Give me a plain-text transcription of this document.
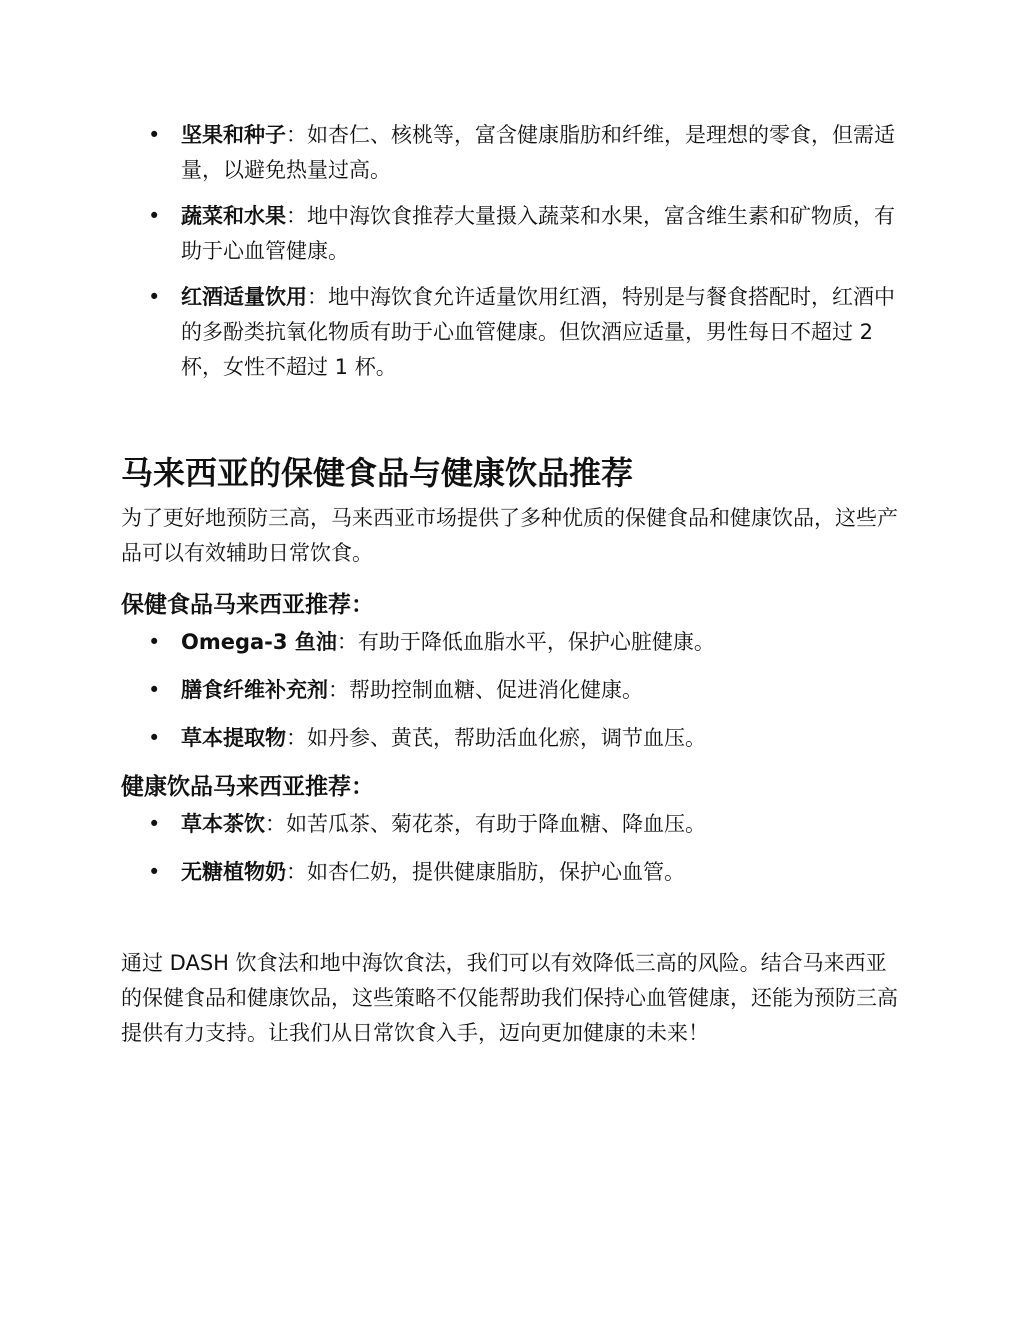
• 坚果和种子：如杏仁、核桃等，富含健康脂肪和纤维，是理想的零食，但需适量，以避免热量过高。
• 蔬菜和水果：地中海饮食推荐大量摄入蔬菜和水果，富含维生素和矿物质，有助于心血管健康。
• 红酒适量饮用：地中海饮食允许适量饮用红酒，特别是与餐食搭配时，红酒中的多酚类抗氧化物质有助于心血管健康。但饮酒应适量，男性每日不超过 2 杯，女性不超过 1 杯。
马来西亚的保健食品与健康饮品推荐

为了更好地预防三高，马来西亚市场提供了多种优质的保健食品和健康饮品，这些产品可以有效辅助日常饮食。

保健食品马来西亚推荐：
• Omega-3 鱼油：有助于降低血脂水平，保护心脏健康。
• 膳食纤维补充剂：帮助控制血糖、促进消化健康。
• 草本提取物：如丹参、黄芪，帮助活血化瘀，调节血压。
健康饮品马来西亚推荐：
• 草本茶饮：如苦瓜茶、菊花茶，有助于降血糖、降血压。
• 无糖植物奶：如杏仁奶，提供健康脂肪，保护心血管。

通过 DASH 饮食法和地中海饮食法，我们可以有效降低三高的风险。结合马来西亚的保健食品和健康饮品，这些策略不仅能帮助我们保持心血管健康，还能为预防三高提供有力支持。让我们从日常饮食入手，迈向更加健康的未来！
